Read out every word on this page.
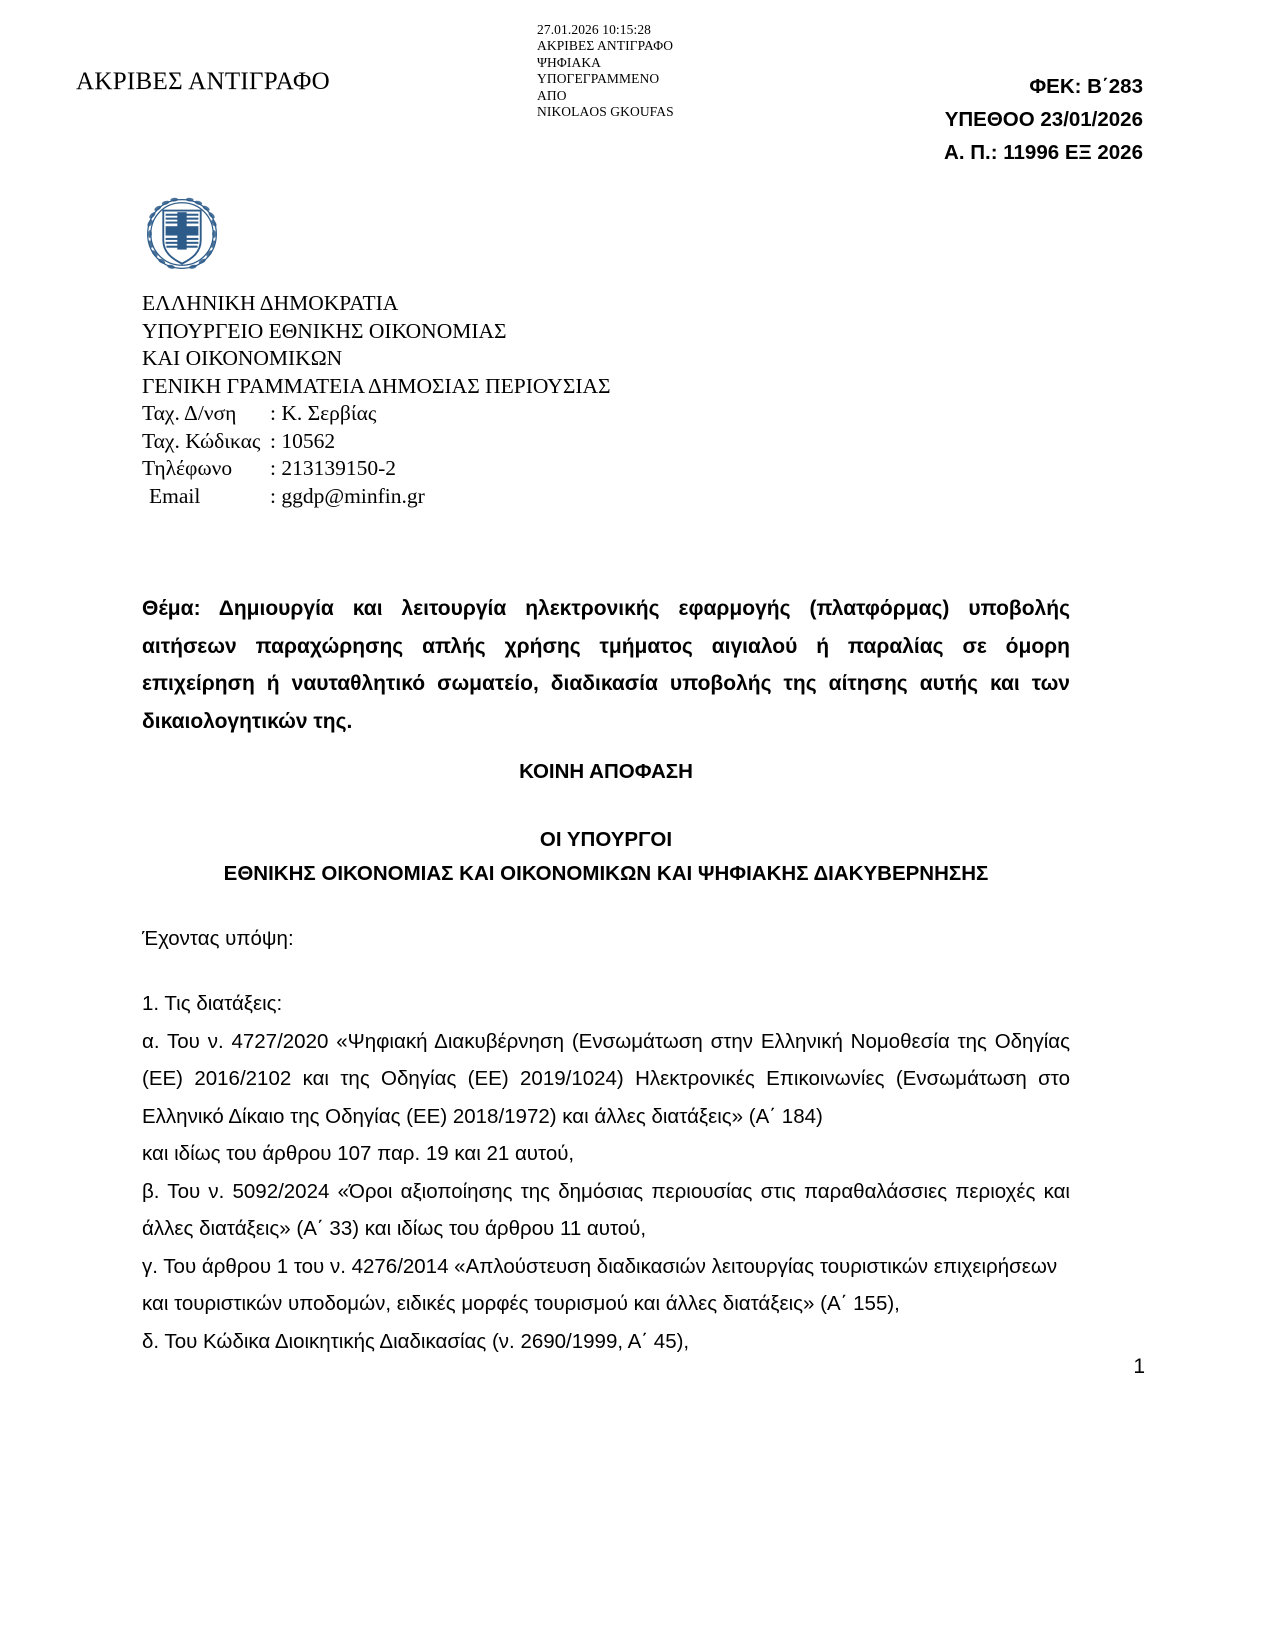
ΑΚΡΙΒΕΣ ΑΝΤΙΓΡΑΦΟ
27.01.2026 10:15:28
ΑΚΡΙΒΕΣ ΑΝΤΙΓΡΑΦΟ
ΨΗΦΙΑΚΑ
ΥΠΟΓΕΓΡΑΜΜΕΝΟ
ΑΠΟ
NIKOLAOS GKOUFAS
ΦΕΚ: Β΄283
ΥΠΕΘΟΟ 23/01/2026
Α. Π.: 11996 ΕΞ 2026
ΕΛΛΗΝΙΚΗ ΔΗΜΟΚΡΑΤΙΑ
ΥΠΟΥΡΓΕΙΟ ΕΘΝΙΚΗΣ ΟΙΚΟΝΟΜΙΑΣ
ΚΑΙ ΟΙΚΟΝΟΜΙΚΩΝ
ΓΕΝΙΚΗ ΓΡΑΜΜΑΤΕΙΑ ΔΗΜΟΣΙΑΣ ΠΕΡΙΟΥΣΙΑΣ
Ταχ. Δ/νση	: Κ. Σερβίας
Ταχ. Κώδικας : 10562
Τηλέφωνο	: 213139150-2
Email	: ggdp@minfin.gr
Θέμα: Δημιουργία και λειτουργία ηλεκτρονικής εφαρμογής (πλατφόρμας) υποβολής αιτήσεων παραχώρησης απλής χρήσης τμήματος αιγιαλού ή παραλίας σε όμορη επιχείρηση ή ναυταθλητικό σωματείο, διαδικασία υποβολής της αίτησης αυτής και των δικαιολογητικών της.
ΚΟΙΝΗ ΑΠΟΦΑΣΗ
ΟΙ ΥΠΟΥΡΓΟΙ
ΕΘΝΙΚΗΣ ΟΙΚΟΝΟΜΙΑΣ ΚΑΙ ΟΙΚΟΝΟΜΙΚΩΝ ΚΑΙ ΨΗΦΙΑΚΗΣ ΔΙΑΚΥΒΕΡΝΗΣΗΣ
Έχοντας υπόψη:
1. Τις διατάξεις:
α. Του ν. 4727/2020 «Ψηφιακή Διακυβέρνηση (Ενσωμάτωση στην Ελληνική Νομοθεσία της Οδηγίας (ΕΕ) 2016/2102 και της Οδηγίας (ΕΕ) 2019/1024) Ηλεκτρονικές Επικοινωνίες (Ενσωμάτωση στο Ελληνικό Δίκαιο της Οδηγίας (ΕΕ) 2018/1972) και άλλες διατάξεις» (Α΄ 184)
και ιδίως του άρθρου 107 παρ. 19 και 21 αυτού,
β. Του ν. 5092/2024 «Όροι αξιοποίησης της δημόσιας περιουσίας στις παραθαλάσσιες περιοχές και άλλες διατάξεις» (Α΄ 33) και ιδίως του άρθρου 11 αυτού,
γ. Του άρθρου 1 του ν. 4276/2014 «Απλούστευση διαδικασιών λειτουργίας τουριστικών επιχειρήσεων και τουριστικών υποδομών, ειδικές μορφές τουρισμού και άλλες διατάξεις» (Α΄ 155),
δ. Του Κώδικα Διοικητικής Διαδικασίας (ν. 2690/1999, Α΄ 45),
1
